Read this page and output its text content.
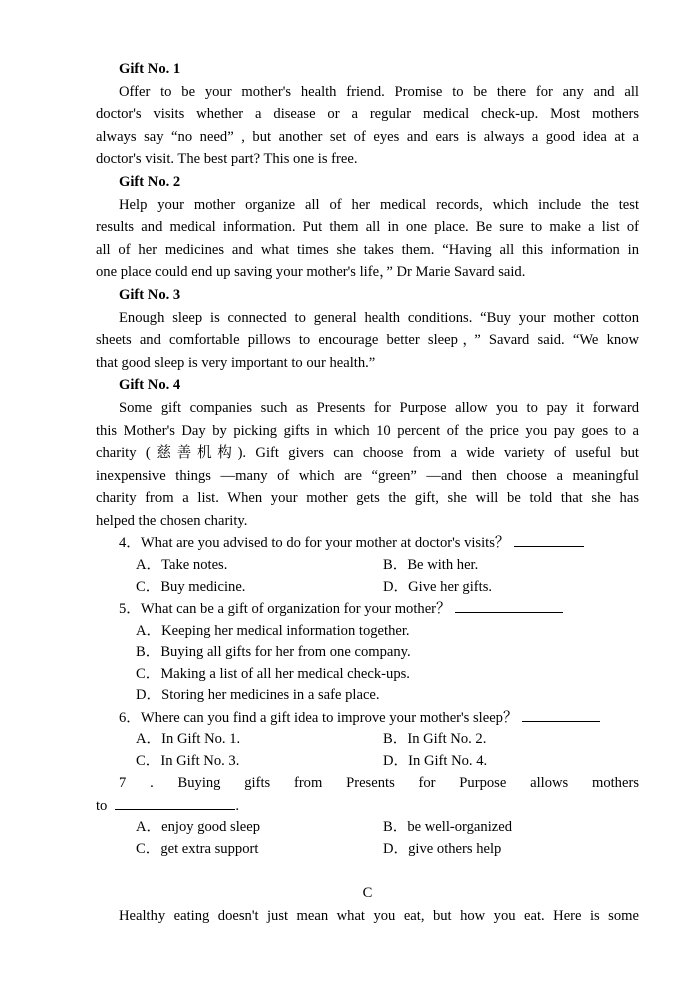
Gift No. 1
Offer to be your mother's health friend. Promise to be there for any and all
doctor's visits whether a disease or a regular medical check-up. Most mothers
always say “no need” , but another set of eyes and ears is always a good idea at a
doctor's visit. The best part? This one is free.
Gift No. 2
Help your mother organize all of her medical records, which include the test
results and medical information. Put them all in one place. Be sure to make a list of
all of her medicines and what times she takes them. “Having all this information in
one place could end up saving your mother's life，” Dr Marie Savard said.
Gift No. 3
Enough sleep is connected to general health conditions. “Buy your mother cotton
sheets and comfortable pillows to encourage better sleep，” Savard said. “We know
that good sleep is very important to our health.”
Gift No. 4
Some gift companies such as Presents for Purpose allow you to pay it forward
this Mother's Day by picking gifts in which 10 percent of the price you pay goes to a
charity (慈善机构). Gift givers can choose from a wide variety of useful but
inexpensive things —many of which are “green” —and then choose a meaningful
charity from a list. When your mother gets the gift, she will be told that she has
helped the chosen charity.
4．What are you advised to do for your mother at doctor's visits？
A．Take notes.	B．Be with her.
C．Buy medicine.	D．Give her gifts.
5．What can be a gift of organization for your mother？
A．Keeping her medical information together.
B．Buying all gifts for her from one company.
C．Making a list of all her medical check-ups.
D．Storing her medicines in a safe place.
6．Where can you find a gift idea to improve your mother's sleep？
A．In Gift No. 1.	B．In Gift No. 2.
C．In Gift No. 3.	D．In Gift No. 4.
7 . Buying gifts from Presents for Purpose allows mothers
to	.
A．enjoy good sleep	B．be well-organized
C．get extra support	D．give others help
C
Healthy eating doesn't just mean what you eat, but how you eat. Here is some
